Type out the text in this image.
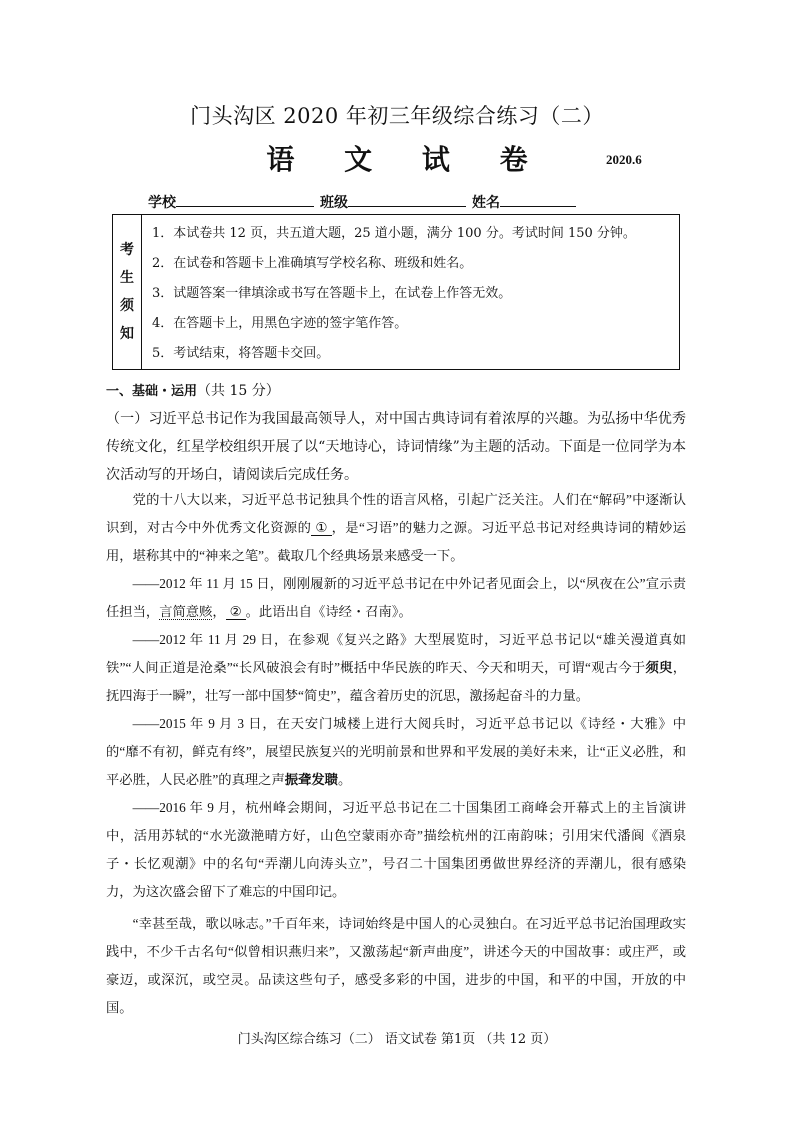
门头沟区 2020 年初三年级综合练习（二）
语 文 试 卷	2020.6
学校	班级	姓名
考
生
须
知
1．本试卷共 12 页，共五道大题，25 道小题，满分 100 分。考试时间 150 分钟。
2．在试卷和答题卡上准确填写学校名称、班级和姓名。
3．试题答案一律填涂或书写在答题卡上，在试卷上作答无效。
4．在答题卡上，用黑色字迹的签字笔作答。
5．考试结束，将答题卡交回。
一、基础・运用（共 15 分）
（一）习近平总书记作为我国最高领导人，对中国古典诗词有着浓厚的兴趣。为弘扬中华优秀传统文化，红星学校组织开展了以“天地诗心，诗词情缘”为主题的活动。下面是一位同学为本次活动写的开场白，请阅读后完成任务。

党的十八大以来，习近平总书记独具个性的语言风格，引起广泛关注。人们在“解码”中逐渐认识到，对古今中外优秀文化资源的 ① ，是“习语”的魅力之源。习近平总书记对经典诗词的精妙运用，堪称其中的“神来之笔”。截取几个经典场景来感受一下。

——2012 年 11 月 15 日，刚刚履新的习近平总书记在中外记者见面会上，以“夙夜在公”宣示责任担当，言简意赅， ② 。此语出自《诗经・召南》。

——2012 年 11 月 29 日，在参观《复兴之路》大型展览时，习近平总书记以“雄关漫道真如铁”“人间正道是沧桑”“长风破浪会有时”概括中华民族的昨天、今天和明天，可谓“观古今于须臾，抚四海于一瞬”，壮写一部中国梦“简史”，蕴含着历史的沉思，激扬起奋斗的力量。

——2015 年 9 月 3 日，在天安门城楼上进行大阅兵时，习近平总书记以《诗经・大雅》中的“靡不有初，鲜克有终”，展望民族复兴的光明前景和世界和平发展的美好未来，让“正义必胜，和平必胜，人民必胜”的真理之声振聋发聩。

——2016 年 9 月，杭州峰会期间，习近平总书记在二十国集团工商峰会开幕式上的主旨演讲中，活用苏轼的“水光潋滟晴方好，山色空蒙雨亦奇”描绘杭州的江南韵味；引用宋代潘阆《酒泉子・长忆观潮》中的名句“弄潮儿向涛头立”，号召二十国集团勇做世界经济的弄潮儿，很有感染力，为这次盛会留下了难忘的中国印记。

“幸甚至哉，歌以咏志。”千百年来，诗词始终是中国人的心灵独白。在习近平总书记治国理政实践中，不少千古名句“似曾相识燕归来”，又激荡起“新声曲度”，讲述今天的中国故事：或庄严，或豪迈，或深沉，或空灵。品读这些句子，感受多彩的中国，进步的中国，和平的中国，开放的中国。

门头沟区综合练习（二） 语文试卷 第1页 （共 12 页）
